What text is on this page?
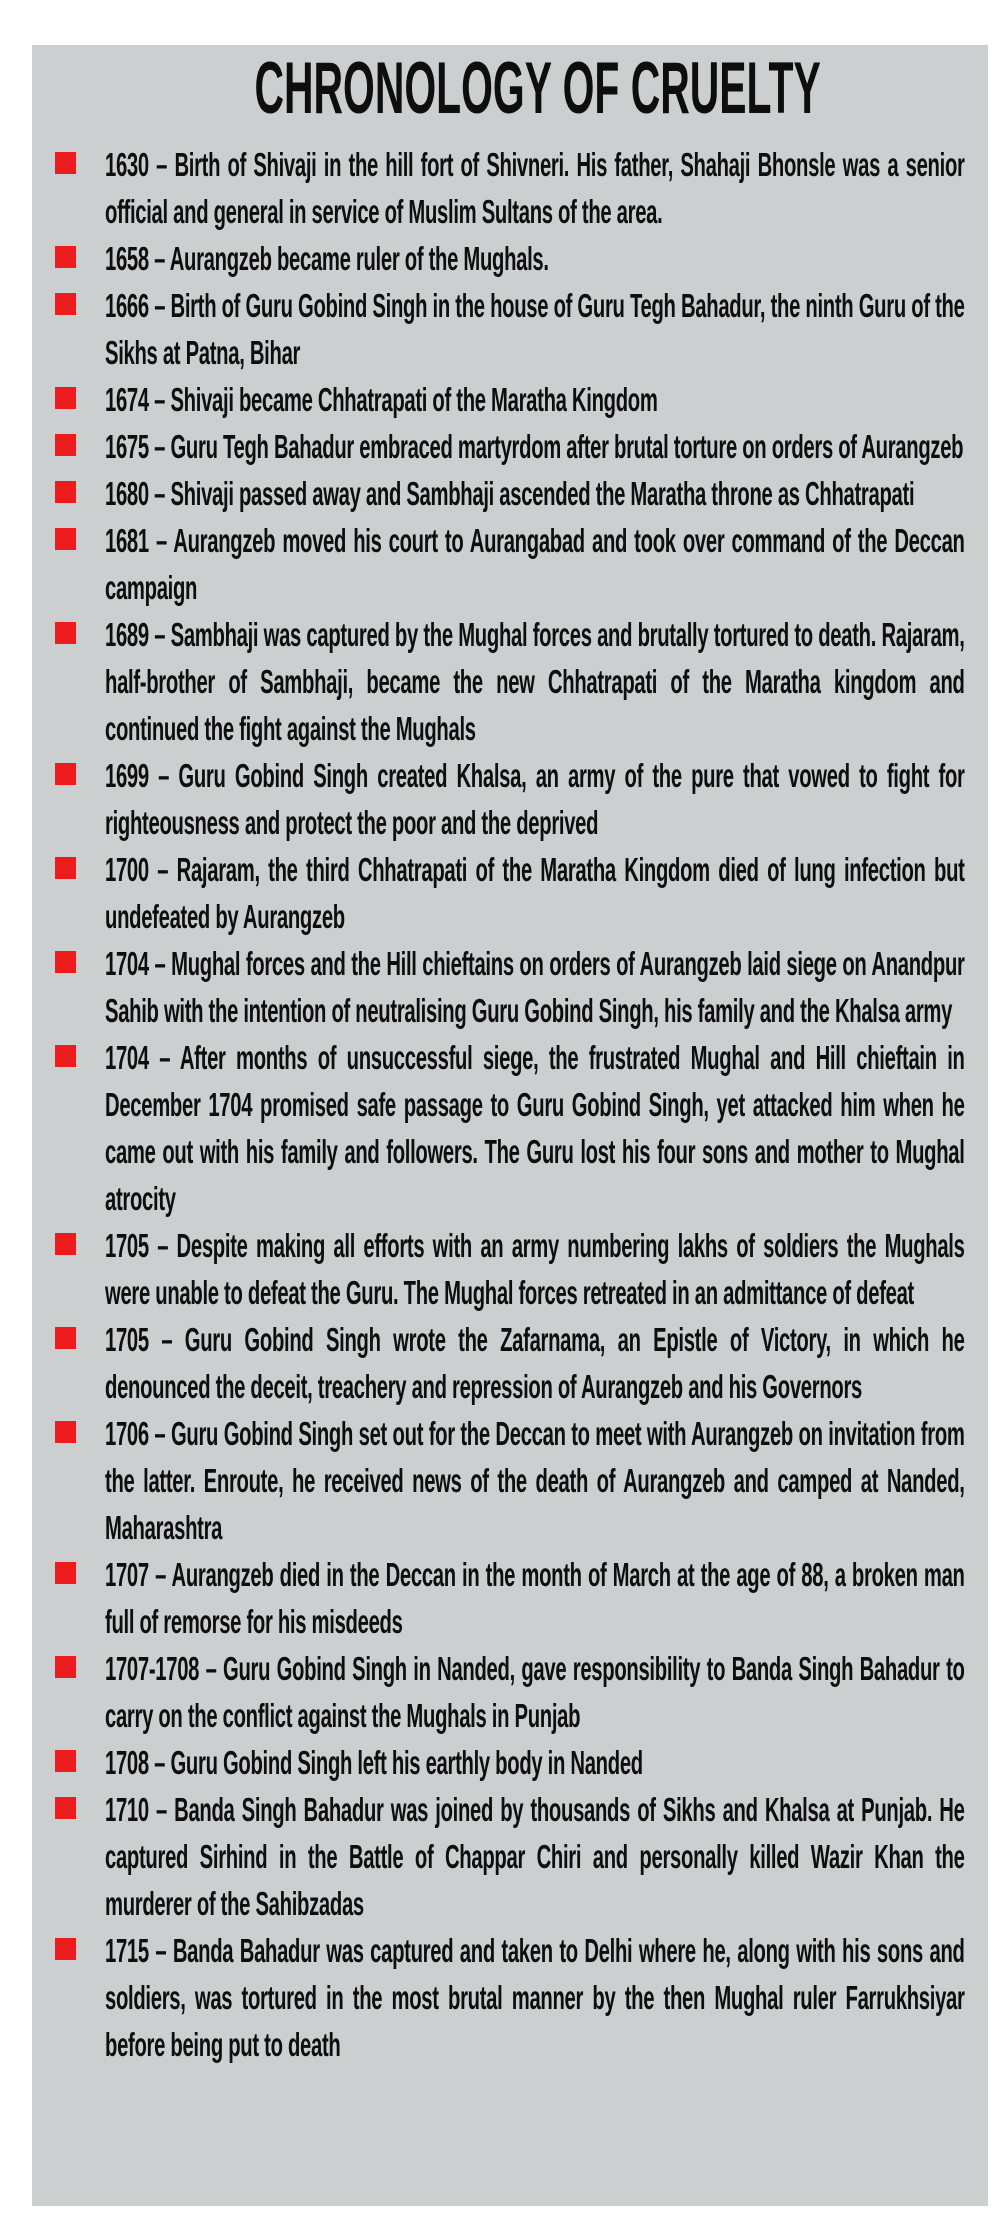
CHRONOLOGY OF CRUELTY

1630 – Birth of Shivaji in the hill fort of Shivneri. His father, Shahaji Bhonsle was a senior official and general in service of Muslim Sultans of the area.

1658 – Aurangzeb became ruler of the Mughals.

1666 – Birth of Guru Gobind Singh in the house of Guru Tegh Bahadur, the ninth Guru of the Sikhs at Patna, Bihar

1674 – Shivaji became Chhatrapati of the Maratha Kingdom

1675 – Guru Tegh Bahadur embraced martyrdom after brutal torture on orders of Aurangzeb

1680 – Shivaji passed away and Sambhaji ascended the Maratha throne as Chhatrapati

1681 – Aurangzeb moved his court to Aurangabad and took over command of the Deccan campaign

1689 – Sambhaji was captured by the Mughal forces and brutally tortured to death. Rajaram, half-brother of Sambhaji, became the new Chhatrapati of the Maratha kingdom and continued the fight against the Mughals

1699 – Guru Gobind Singh created Khalsa, an army of the pure that vowed to fight for righteousness and protect the poor and the deprived

1700 – Rajaram, the third Chhatrapati of the Maratha Kingdom died of lung infection but undefeated by Aurangzeb

1704 – Mughal forces and the Hill chieftains on orders of Aurangzeb laid siege on Anandpur Sahib with the intention of neutralising Guru Gobind Singh, his family and the Khalsa army

1704 – After months of unsuccessful siege, the frustrated Mughal and Hill chieftain in December 1704 promised safe passage to Guru Gobind Singh, yet attacked him when he came out with his family and followers. The Guru lost his four sons and mother to Mughal atrocity

1705 – Despite making all efforts with an army numbering lakhs of soldiers the Mughals were unable to defeat the Guru. The Mughal forces retreated in an admittance of defeat

1705 – Guru Gobind Singh wrote the Zafarnama, an Epistle of Victory, in which he denounced the deceit, treachery and repression of Aurangzeb and his Governors

1706 – Guru Gobind Singh set out for the Deccan to meet with Aurangzeb on invitation from the latter. Enroute, he received news of the death of Aurangzeb and camped at Nanded, Maharashtra

1707 – Aurangzeb died in the Deccan in the month of March at the age of 88, a broken man full of remorse for his misdeeds

1707-1708 – Guru Gobind Singh in Nanded, gave responsibility to Banda Singh Bahadur to carry on the conflict against the Mughals in Punjab

1708 – Guru Gobind Singh left his earthly body in Nanded

1710 – Banda Singh Bahadur was joined by thousands of Sikhs and Khalsa at Punjab. He captured Sirhind in the Battle of Chappar Chiri and personally killed Wazir Khan the murderer of the Sahibzadas

1715 – Banda Bahadur was captured and taken to Delhi where he, along with his sons and soldiers, was tortured in the most brutal manner by the then Mughal ruler Farrukhsiyar before being put to death
